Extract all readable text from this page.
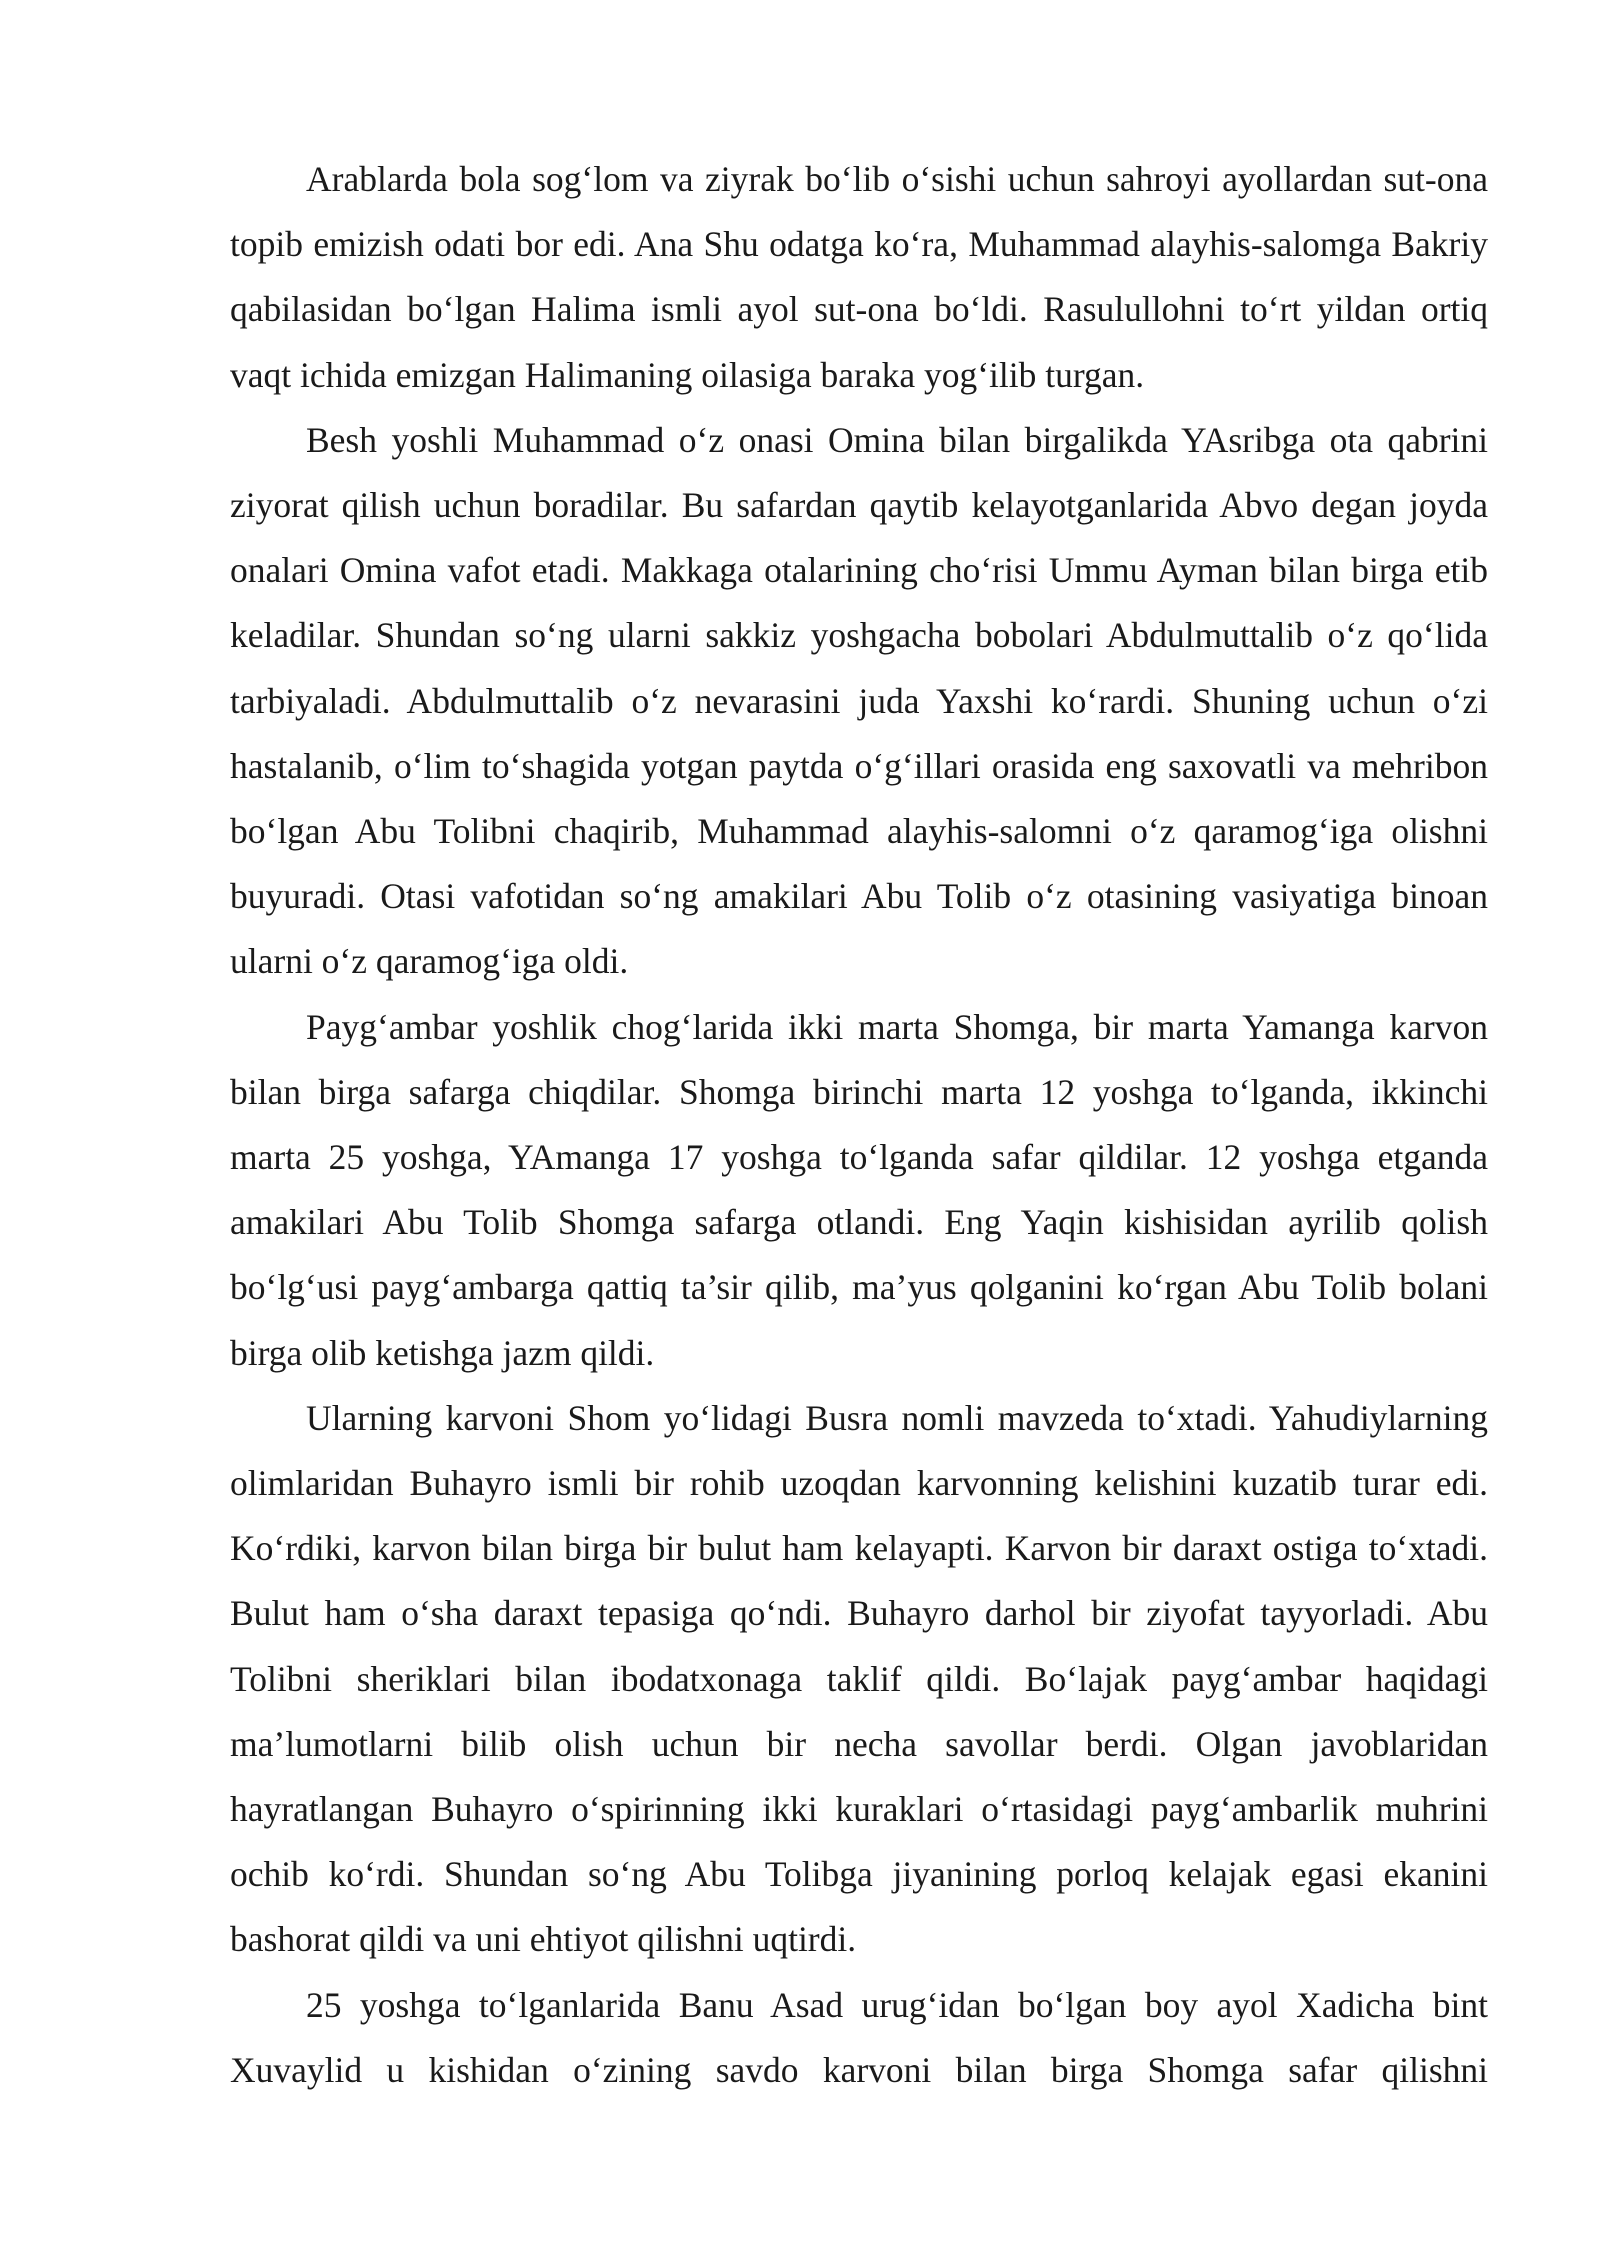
Arablarda bola sog‘lom va ziyrak bo‘lib o‘sishi uchun sahroyi ayollardan sut-ona topib emizish odati bor edi. Ana Shu odatga ko‘ra, Muhammad alayhis-salomga Bakriy qabilasidan bo‘lgan Halima ismli ayol sut-ona bo‘ldi. Rasulullohni to‘rt yildan ortiq vaqt ichida emizgan Halimaning oilasiga baraka yog‘ilib turgan.

Besh yoshli Muhammad o‘z onasi Omina bilan birgalikda YAsribga ota qabrini ziyorat qilish uchun boradilar. Bu safardan qaytib kelayotganlarida Abvo degan joyda onalari Omina vafot etadi. Makkaga otalarining cho‘risi Ummu Ayman bilan birga etib keladilar. Shundan so‘ng ularni sakkiz yoshgacha bobolari Abdulmuttalib o‘z qo‘lida tarbiyaladi. Abdulmuttalib o‘z nevarasini juda Yaxshi ko‘rardi. Shuning uchun o‘zi hastalanib, o‘lim to‘shagida yotgan paytda o‘g‘illari orasida eng saxovatli va mehribon bo‘lgan Abu Tolibni chaqirib, Muhammad alayhis-salomni o‘z qaramog‘iga olishni buyuradi. Otasi vafotidan so‘ng amakilari Abu Tolib o‘z otasining vasiyatiga binoan ularni o‘z qaramog‘iga oldi.

Payg‘ambar yoshlik chog‘larida ikki marta Shomga, bir marta Yamanga karvon bilan birga safarga chiqdilar. Shomga birinchi marta 12 yoshga to‘lganda, ikkinchi marta 25 yoshga, YAmanga 17 yoshga to‘lganda safar qildilar. 12 yoshga etganda amakilari Abu Tolib Shomga safarga otlandi. Eng Yaqin kishisidan ayrilib qolish bo‘lg‘usi payg‘ambarga qattiq ta’sir qilib, ma’yus qolganini ko‘rgan Abu Tolib bolani birga olib ketishga jazm qildi.

Ularning karvoni Shom yo‘lidagi Busra nomli mavzeda to‘xtadi. Yahudiylarning olimlaridan Buhayro ismli bir rohib uzoqdan karvonning kelishini kuzatib turar edi. Ko‘rdiki, karvon bilan birga bir bulut ham kelayapti. Karvon bir daraxt ostiga to‘xtadi. Bulut ham o‘sha daraxt tepasiga qo‘ndi. Buhayro darhol bir ziyofat tayyorladi. Abu Tolibni sheriklari bilan ibodatxonaga taklif qildi. Bo‘lajak payg‘ambar haqidagi ma’lumotlarni bilib olish uchun bir necha savollar berdi. Olgan javoblaridan hayratlangan Buhayro o‘spirinning ikki kuraklari o‘rtasidagi payg‘ambarlik muhrini ochib ko‘rdi. Shundan so‘ng Abu Tolibga jiyanining porloq kelajak egasi ekanini bashorat qildi va uni ehtiyot qilishni uqtirdi.

25 yoshga to‘lganlarida Banu Asad urug‘idan bo‘lgan boy ayol Xadicha bint Xuvaylid u kishidan o‘zining savdo karvoni bilan birga Shomga safar qilishni
